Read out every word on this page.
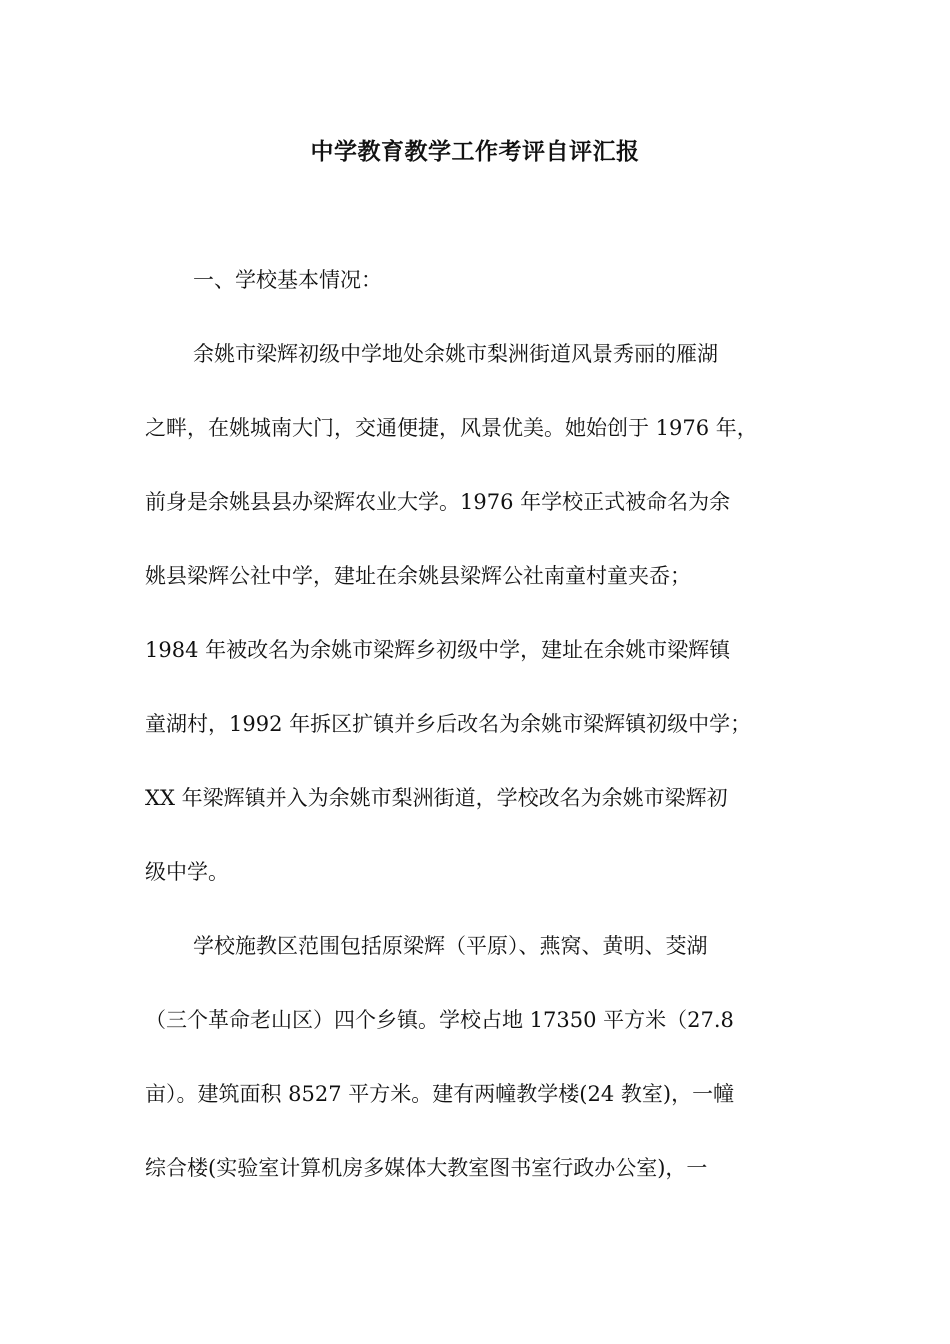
中学教育教学工作考评自评汇报

一、学校基本情况：

余姚市梁辉初级中学地处余姚市梨洲街道风景秀丽的雁湖

之畔，在姚城南大门，交通便捷，风景优美。她始创于 1976 年，

前身是余姚县县办梁辉农业大学。1976 年学校正式被命名为余

姚县梁辉公社中学，建址在余姚县梁辉公社南童村童夹岙；

1984 年被改名为余姚市梁辉乡初级中学，建址在余姚市梁辉镇

童湖村，1992 年拆区扩镇并乡后改名为余姚市梁辉镇初级中学；

XX 年梁辉镇并入为余姚市梨洲街道，学校改名为余姚市梁辉初

级中学。

学校施教区范围包括原梁辉（平原）、燕窝、黄明、茭湖

（三个革命老山区）四个乡镇。学校占地 17350 平方米（27.8

亩）。建筑面积 8527 平方米。建有两幢教学楼(24 教室)，一幢

综合楼(实验室计算机房多媒体大教室图书室行政办公室)，一
